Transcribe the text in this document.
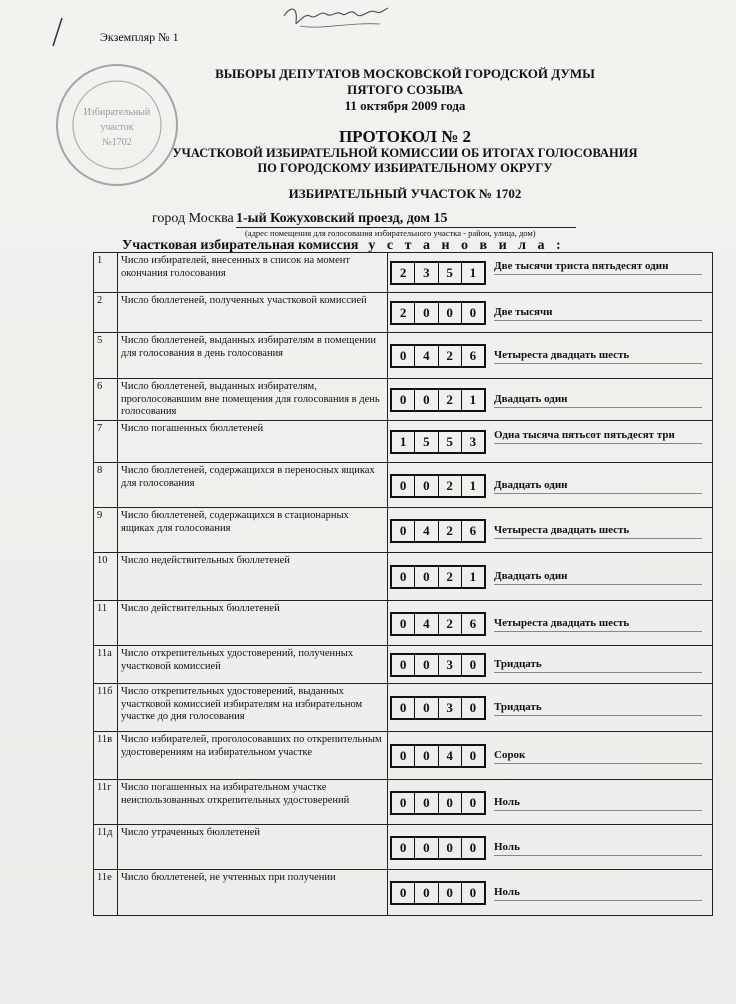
Экземпляр № 1
Избирательный
участок
№1702
ВЫБОРЫ ДЕПУТАТОВ МОСКОВСКОЙ ГОРОДСКОЙ ДУМЫ
ПЯТОГО СОЗЫВА
11 октября 2009 года
ПРОТОКОЛ № 2
УЧАСТКОВОЙ ИЗБИРАТЕЛЬНОЙ КОМИССИИ ОБ ИТОГАХ ГОЛОСОВАНИЯ
ПО ГОРОДСКОМУ ИЗБИРАТЕЛЬНОМУ ОКРУГУ
ИЗБИРАТЕЛЬНЫЙ УЧАСТОК № 1702
город Москва 1-ый Кожуховский проезд, дом 15
(адрес помещения для голосования избирательного участка - район, улица, дом)
Участковая избирательная комиссия у с т а н о в и л а :
1	Число избирателей, внесенных в список на момент окончания голосования	2 3 5 1 Две тысячи триста пятьдесят один

2	Число бюллетеней, полученных участковой комиссией	2 0 0 0 Две тысячи

5	Число бюллетеней, выданных избирателям в помещении для голосования в день голосования	0 4 2 6 Четыреста двадцать шесть

6	Число бюллетеней, выданных избирателям, проголосовавшим вне помещения для голосования в день голосования	0 0 2 1 Двадцать один

7	Число погашенных бюллетеней	1 5 5 3 Одна тысяча пятьсот пятьдесят три

8	Число бюллетеней, содержащихся в переносных ящиках для голосования	0 0 2 1 Двадцать один

9	Число бюллетеней, содержащихся в стационарных ящиках для голосования	0 4 2 6 Четыреста двадцать шесть

10	Число недействительных бюллетеней	0 0 2 1 Двадцать один

11	Число действительных бюллетеней	0 4 2 6 Четыреста двадцать шесть

11а	Число открепительных удостоверений, полученных участковой комиссией	0 0 3 0 Тридцать

11б	Число открепительных удостоверений, выданных участковой комиссией избирателям на избирательном участке до дня голосования	0 0 3 0 Тридцать

11в	Число избирателей, проголосовавших по открепительным удостоверениям на избирательном участке	0 0 4 0 Сорок

11г	Число погашенных на избирательном участке неиспользованных открепительных удостоверений	0 0 0 0 Ноль

11д	Число утраченных бюллетеней	0 0 0 0 Ноль

11е	Число бюллетеней, не учтенных при получении	0 0 0 0 Ноль
